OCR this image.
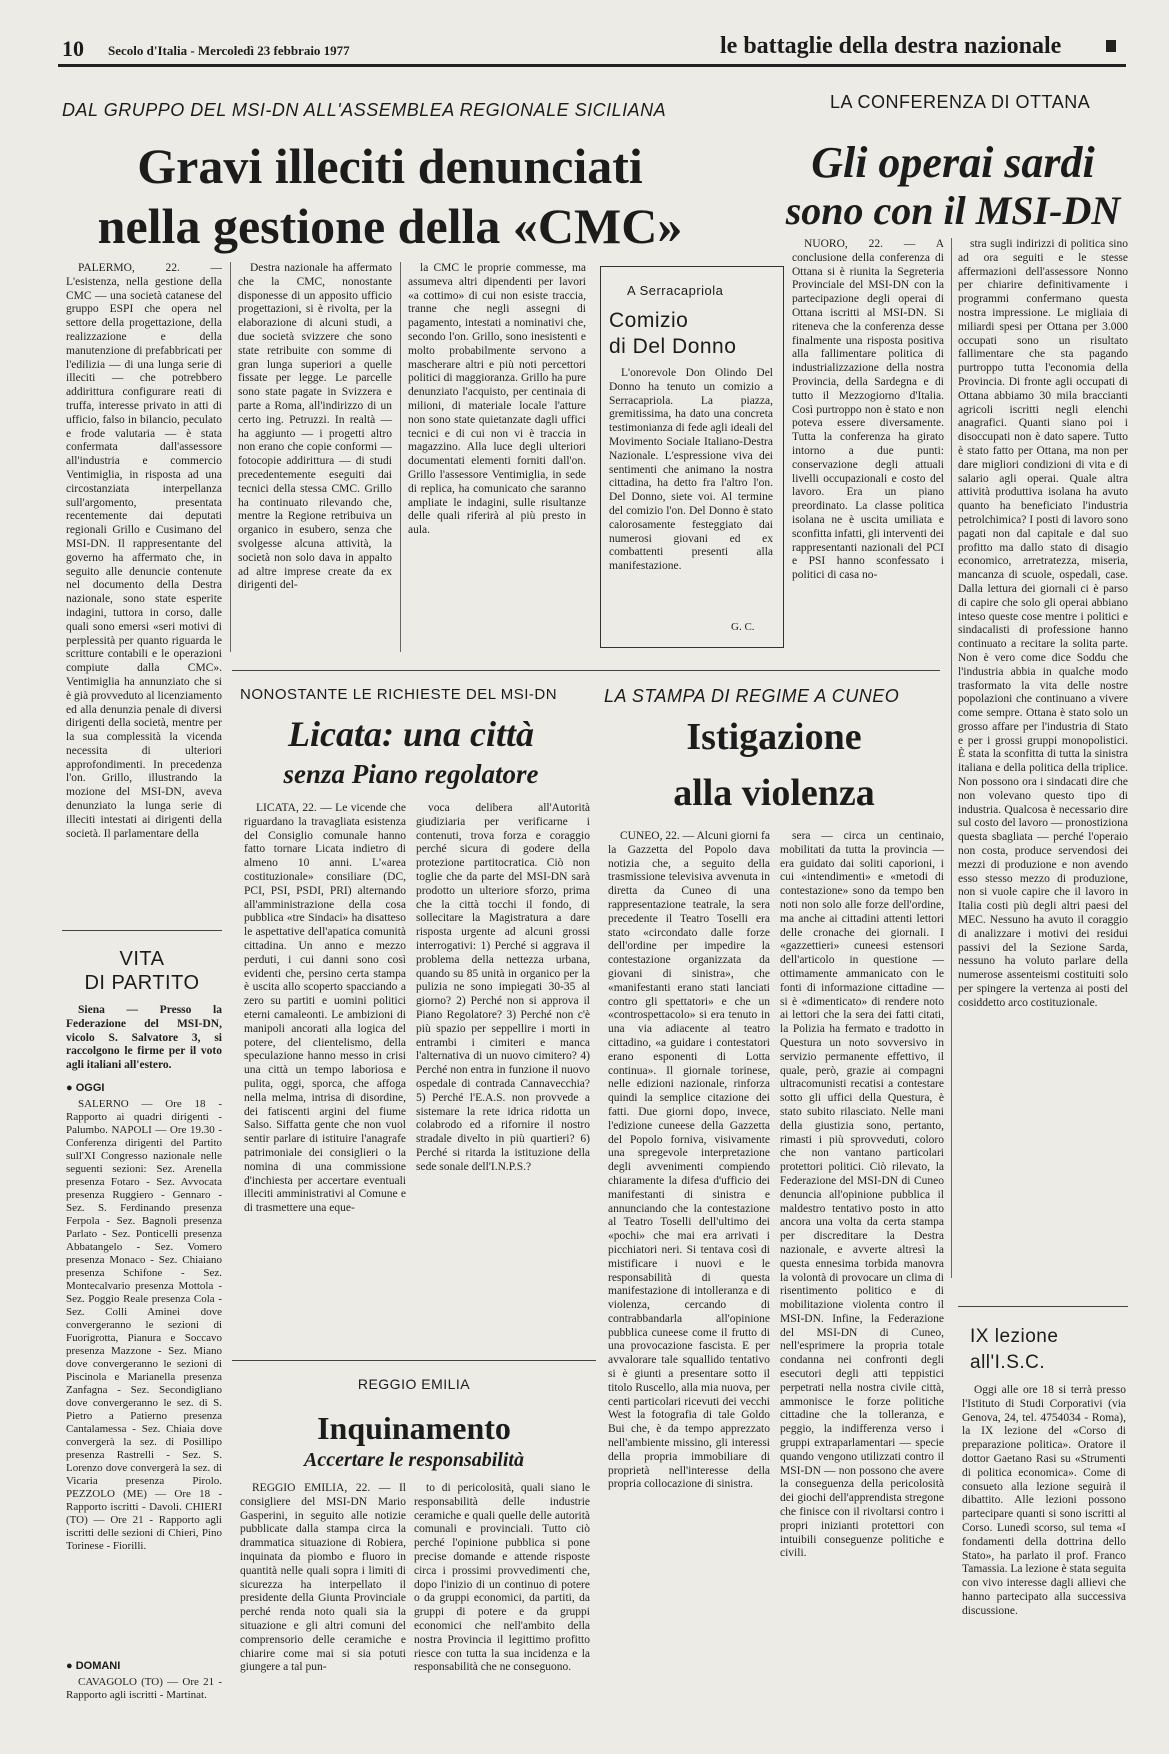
10 Secolo d'Italia - Mercoledì 23 febbraio 1977	le battaglie della destra nazionale
DAL GRUPPO DEL MSI-DN ALL'ASSEMBLEA REGIONALE SICILIANA
Gravi illeciti denunciati
nella gestione della «CMC»

PALERMO, 22. — L'esistenza, nella gestione della CMC — una società catanese del gruppo ESPI che opera nel settore della progettazione, della realizzazione e della manutenzione di prefabbricati per l'edilizia — di una lunga serie di illeciti — che potrebbero addirittura configurare reati di truffa, interesse privato in atti di ufficio, falso in bilancio, peculato e frode valutaria — è stata confermata dall'assessore all'industria e commercio Ventimiglia, in risposta ad una circostanziata interpellanza sull'argomento, presentata recentemente dai deputati regionali Grillo e Cusimano del MSI-DN. Il rappresentante del governo ha affermato che, in seguito alle denuncie contenute nel documento della Destra nazionale, sono state esperite indagini, tuttora in corso, dalle quali sono emersi «seri motivi di perplessità per quanto riguarda le scritture contabili e le operazioni compiute dalla CMC». Ventimiglia ha annunziato che si è già provveduto al licenziamento ed alla denunzia penale di diversi dirigenti della società, mentre per la sua complessità la vicenda necessita di ulteriori approfondimenti. In precedenza l'on. Grillo, illustrando la mozione del MSI-DN, aveva denunziato la lunga serie di illeciti intestati ai dirigenti della società. Il parlamentare della

Destra nazionale ha affermato che la CMC, nonostante disponesse di un apposito ufficio progettazioni, si è rivolta, per la elaborazione di alcuni studi, a due società svizzere che sono state retribuite con somme di gran lunga superiori a quelle fissate per legge. Le parcelle sono state pagate in Svizzera e parte a Roma, all'indirizzo di un certo ing. Petruzzi. In realtà — ha aggiunto — i progetti altro non erano che copie conformi — fotocopie addirittura — di studi precedentemente eseguiti dai tecnici della stessa CMC. Grillo ha continuato rilevando che, mentre la Regione retribuiva un organico in esubero, senza che svolgesse alcuna attività, la società non solo dava in appalto ad altre imprese create da ex dirigenti del-

la CMC le proprie commesse, ma assumeva altri dipendenti per lavori «a cottimo» di cui non esiste traccia, tranne che negli assegni di pagamento, intestati a nominativi che, secondo l'on. Grillo, sono inesistenti e molto probabilmente servono a mascherare altri e più noti percettori politici di maggioranza. Grillo ha pure denunziato l'acquisto, per centinaia di milioni, di materiale locale l'atture non sono state quietanzate dagli uffici tecnici e di cui non vi è traccia in magazzino. Alla luce degli ulteriori documentati elementi forniti dall'on. Grillo l'assessore Ventimiglia, in sede di replica, ha comunicato che saranno ampliate le indagini, sulle risultanze delle quali riferirà al più presto in aula.

A Serracapriola
Comizio
di Del Donno

L'onorevole Don Olindo Del Donno ha tenuto un comizio a Serracapriola. La piazza, gremitissima, ha dato una concreta testimonianza di fede agli ideali del Movimento Sociale Italiano-Destra Nazionale. L'espressione viva dei sentimenti che animano la nostra cittadina, ha detto fra l'altro l'on. Del Donno, siete voi. Al termine del comizio l'on. Del Donno è stato calorosamente festeggiato dai numerosi giovani ed ex combattenti presenti alla manifestazione.

G. C.
LA CONFERENZA DI OTTANA
Gli operai sardi
sono con il MSI-DN

NUORO, 22. — A conclusione della conferenza di Ottana si è riunita la Segreteria Provinciale del MSI-DN con la partecipazione degli operai di Ottana iscritti al MSI-DN. Si riteneva che la conferenza desse finalmente una risposta positiva alla fallimentare politica di industrializzazione della nostra Provincia, della Sardegna e di tutto il Mezzogiorno d'Italia. Così purtroppo non è stato e non poteva essere diversamente. Tutta la conferenza ha girato intorno a due punti: conservazione degli attuali livelli occupazionali e costo del lavoro. Era un piano preordinato. La classe politica isolana ne è uscita umiliata e sconfitta infatti, gli interventi dei rappresentanti nazionali del PCI e PSI hanno sconfessato i politici di casa no-

stra sugli indirizzi di politica sino ad ora seguiti e le stesse affermazioni dell'assessore Nonno per chiarire definitivamente i programmi confermano questa nostra impressione. Le migliaia di miliardi spesi per Ottana per 3.000 occupati sono un risultato fallimentare che sta pagando purtroppo tutta l'economia della Provincia. Di fronte agli occupati di Ottana abbiamo 30 mila braccianti agricoli iscritti negli elenchi anagrafici. Quanti siano poi i disoccupati non è dato sapere. Tutto è stato fatto per Ottana, ma non per dare migliori condizioni di vita e di salario agli operai. Quale altra attività produttiva isolana ha avuto quanto ha beneficiato l'industria petrolchimica? I posti di lavoro sono pagati non dal capitale e dal suo profitto ma dallo stato di disagio economico, arretratezza, miseria, mancanza di scuole, ospedali, case. Dalla lettura dei giornali ci è parso di capire che solo gli operai abbiano inteso queste cose mentre i politici e sindacalisti di professione hanno continuato a recitare la solita parte. Non è vero come dice Soddu che l'industria abbia in qualche modo trasformato la vita delle nostre popolazioni che continuano a vivere come sempre. Ottana è stato solo un grosso affare per l'industria di Stato e per i grossi gruppi monopolistici. È stata la sconfitta di tutta la sinistra italiana e della politica della triplice. Non possono ora i sindacati dire che non volevano questo tipo di industria. Qualcosa è necessario dire sul costo del lavoro — pronostiziona questa sbagliata — perché l'operaio non costa, produce servendosi dei mezzi di produzione e non avendo esso stesso mezzo di produzione, non si vuole capire che il lavoro in Italia costi più degli altri paesi del MEC. Nessuno ha avuto il coraggio di analizzare i motivi dei residui passivi del la Sezione Sarda, nessuno ha voluto parlare della numerose assenteismi costituiti solo per spingere la vertenza ai posti del cosiddetto arco costituzionale.

NONOSTANTE LE RICHIESTE DEL MSI-DN
Licata: una città
senza Piano regolatore

LICATA, 22. — Le vicende che riguardano la travagliata esistenza del Consiglio comunale hanno fatto tornare Licata indietro di almeno 10 anni. L'«area costituzionale» consiliare (DC, PCI, PSI, PSDI, PRI) alternando all'amministrazione della cosa pubblica «tre Sindaci» ha disatteso le aspettative dell'apatica comunità cittadina. Un anno e mezzo perduti, i cui danni sono così evidenti che, persino certa stampa è uscita allo scoperto spacciando a zero su partiti e uomini politici eterni camaleonti. Le ambizioni di manipoli ancorati alla logica del potere, del clientelismo, della speculazione hanno messo in crisi una città un tempo laboriosa e pulita, oggi, sporca, che affoga nella melma, intrisa di disordine, dei fatiscenti argini del fiume Salso. Siffatta gente che non vuol sentir parlare di istituire l'anagrafe patrimoniale dei consiglieri o la nomina di una commissione d'inchiesta per accertare eventuali illeciti amministrativi al Comune e di trasmettere una eque-

voca delibera all'Autorità giudiziaria per verificarne i contenuti, trova forza e coraggio perché sicura di godere della protezione partitocratica. Ciò non toglie che da parte del MSI-DN sarà prodotto un ulteriore sforzo, prima che la città tocchi il fondo, di sollecitare la Magistratura a dare risposta urgente ad alcuni grossi interrogativi: 1) Perché si aggrava il problema della nettezza urbana, quando su 85 unità in organico per la pulizia ne sono impiegati 30-35 al giorno? 2) Perché non si approva il Piano Regolatore? 3) Perché non c'è più spazio per seppellire i morti in entrambi i cimiteri e manca l'alternativa di un nuovo cimitero? 4) Perché non entra in funzione il nuovo ospedale di contrada Cannavecchia? 5) Perché l'E.A.S. non provvede a sistemare la rete idrica ridotta un colabrodo ed a rifornire il nostro stradale divelto in più quartieri? 6) Perché si ritarda la istituzione della sede sonale dell'I.N.P.S.?

LA STAMPA DI REGIME A CUNEO
Istigazione
alla violenza

CUNEO, 22. — Alcuni giorni fa la Gazzetta del Popolo dava notizia che, a seguito della trasmissione televisiva avvenuta in diretta da Cuneo di una rappresentazione teatrale, la sera precedente il Teatro Toselli era stato «circondato dalle forze dell'ordine per impedire la contestazione organizzata da giovani di sinistra», che «manifestanti erano stati lanciati contro gli spettatori» e che un «controspettacolo» si era tenuto in una via adiacente al teatro cittadino, «a guidare i contestatori erano esponenti di Lotta continua». Il giornale torinese, nelle edizioni nazionale, rinforza quindi la semplice citazione dei fatti. Due giorni dopo, invece, l'edizione cuneese della Gazzetta del Popolo forniva, visivamente una spregevole interpretazione degli avvenimenti compiendo chiaramente la difesa d'ufficio dei manifestanti di sinistra e annunciando che la contestazione al Teatro Toselli dell'ultimo dei «pochi» che mai era arrivati i picchiatori neri. Si tentava così di mistificare i nuovi e le responsabilità di questa manifestazione di intolleranza e di violenza, cercando di contrabbandarla all'opinione pubblica cuneese come il frutto di una provocazione fascista. E per avvalorare tale squallido tentativo si è giunti a presentare sotto il titolo Ruscello, alla mia nuova, per centi particolari ricevuti dei vecchi West la fotografia di tale Goldo Bui che, è da tempo apprezzato nell'ambiente missino, gli interessi della propria immobiliare di proprietà nell'interesse della propria collocazione di sinistra.

sera — circa un centinaio, mobilitati da tutta la provincia — era guidato dai soliti caporioni, i cui «intendimenti» e «metodi di contestazione» sono da tempo ben noti non solo alle forze dell'ordine, ma anche ai cittadini attenti lettori delle cronache dei giornali. I «gazzettieri» cuneesi estensori dell'articolo in questione — ottimamente ammanicato con le fonti di informazione cittadine — si è «dimenticato» di rendere noto ai lettori che la sera dei fatti citati, la Polizia ha fermato e tradotto in Questura un noto sovversivo in servizio permanente effettivo, il quale, però, grazie ai compagni ultracomunisti recatisi a contestare sotto gli uffici della Questura, è stato subito rilasciato. Nelle mani della giustizia sono, pertanto, rimasti i più sprovveduti, coloro che non vantano particolari protettori politici. Ciò rilevato, la Federazione del MSI-DN di Cuneo denuncia all'opinione pubblica il maldestro tentativo posto in atto ancora una volta da certa stampa per discreditare la Destra nazionale, e avverte altresì la questa ennesima torbida manovra la volontà di provocare un clima di risentimento politico e di mobilitazione violenta contro il MSI-DN. Infine, la Federazione del MSI-DN di Cuneo, nell'esprimere la propria totale condanna nei confronti degli esecutori degli atti teppistici perpetrati nella nostra civile città, ammonisce le forze politiche cittadine che la tolleranza, e peggio, la indifferenza verso i gruppi extraparlamentari — specie quando vengono utilizzati contro il MSI-DN — non possono che avere la conseguenza della pericolosità dei giochi dell'apprendista stregone che finisce con il rivoltarsi contro i propri inizianti protettori con intuibili conseguenze politiche e civili.

REGGIO EMILIA
Inquinamento
Accertare le responsabilità

REGGIO EMILIA, 22. — Il consigliere del MSI-DN Mario Gasperini, in seguito alle notizie pubblicate dalla stampa circa la drammatica situazione di Robiera, inquinata da piombo e fluoro in quantità nelle quali sopra i limiti di sicurezza ha interpellato il presidente della Giunta Provinciale perché renda noto quali sia la situazione e gli altri comuni del comprensorio delle ceramiche e chiarire come mai si sia potuti giungere a tal pun-

to di pericolosità, quali siano le responsabilità delle industrie ceramiche e quali quelle delle autorità comunali e provinciali. Tutto ciò perché l'opinione pubblica si pone precise domande e attende risposte circa i prossimi provvedimenti che, dopo l'inizio di un continuo di potere o da gruppi economici, da partiti, da gruppi di potere e da gruppi economici che nell'ambito della nostra Provincia il legittimo profitto riesce con tutta la sua incidenza e la responsabilità che ne conseguono.

VITA
DI PARTITO

Siena — Presso la Federazione del MSI-DN, vicolo S. Salvatore 3, si raccolgono le firme per il voto agli italiani all'estero.

● OGGI

SALERNO — Ore 18 - Rapporto ai quadri dirigenti - Palumbo. NAPOLI — Ore 19.30 - Conferenza dirigenti del Partito sull'XI Congresso nazionale nelle seguenti sezioni: Sez. Arenella presenza Fotaro - Sez. Avvocata presenza Ruggiero - Gennaro - Sez. S. Ferdinando presenza Ferpola - Sez. Bagnoli presenza Parlato - Sez. Ponticelli presenza Abbatangelo - Sez. Vomero presenza Monaco - Sez. Chiaiano presenza Schifone - Sez. Montecalvario presenza Mottola - Sez. Poggio Reale presenza Cola - Sez. Colli Aminei dove convergeranno le sezioni di Fuorigrotta, Pianura e Soccavo presenza Mazzone - Sez. Miano dove convergeranno le sezioni di Piscinola e Marianella presenza Zanfagna - Sez. Secondigliano dove convergeranno le sez. di S. Pietro a Patierno presenza Cantalamessa - Sez. Chiaia dove convergerà la sez. di Posillipo presenza Rastrelli - Sez. S. Lorenzo dove convergerà la sez. di Vicaria presenza Pirolo. PEZZOLO (ME) — Ore 18 - Rapporto iscritti - Davoli. CHIERI (TO) — Ore 21 - Rapporto agli iscritti delle sezioni di Chieri, Pino Torinese - Fiorilli.

● DOMANI

CAVAGOLO (TO) — Ore 21 - Rapporto agli iscritti - Martinat.

IX lezione
all'I.S.C.

Oggi alle ore 18 si terrà presso l'Istituto di Studi Corporativi (via Genova, 24, tel. 4754034 - Roma), la IX lezione del «Corso di preparazione politica». Oratore il dottor Gaetano Rasi su «Strumenti di politica economica». Come di consueto alla lezione seguirà il dibattito. Alle lezioni possono partecipare quanti si sono iscritti al Corso. Lunedì scorso, sul tema «I fondamenti della dottrina dello Stato», ha parlato il prof. Franco Tamassia. La lezione è stata seguita con vivo interesse dagli allievi che hanno partecipato alla successiva discussione.
